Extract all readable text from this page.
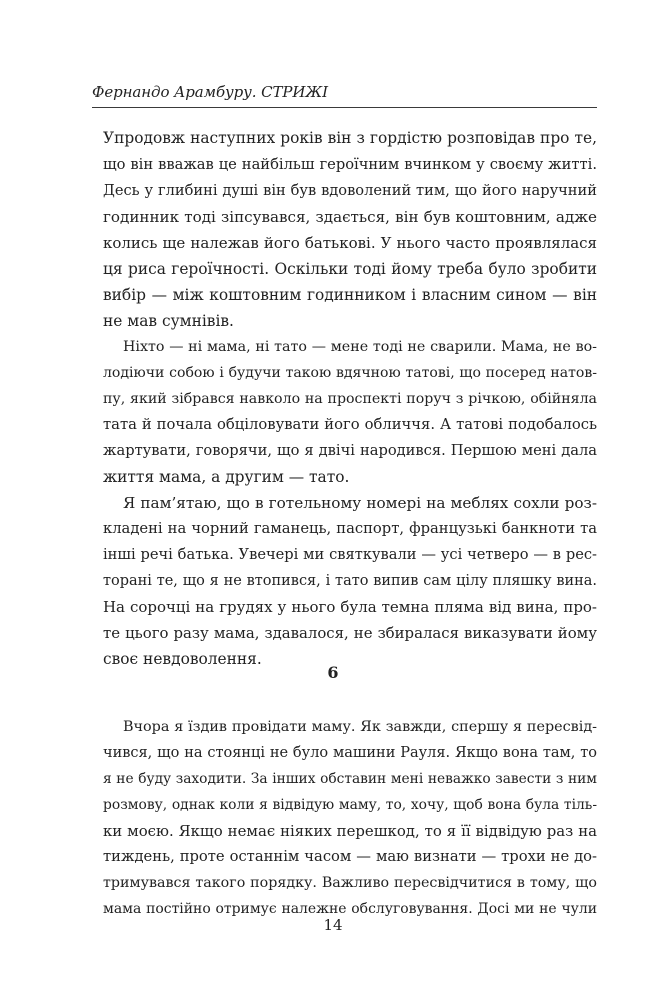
Фернандо Арамбуру. СТРИЖІ
Упродовж наступних років він з гордістю розповідав про те,
що він вважав це найбільш героїчним вчинком у своєму житті.
Десь у глибині душі він був вдоволений тим, що його наручний
годинник тоді зіпсувався, здається, він був коштовним, адже
колись ще належав його батькові. У нього часто проявлялася
ця риса героїчності. Оскільки тоді йому треба було зробити
вибір — між коштовним годинником і власним сином — він
не мав сумнівів.
Ніхто — ні мама, ні тато — мене тоді не сварили. Мама, не во-
лодіючи собою і будучи такою вдячною татові, що посеред натов-
пу, який зібрався навколо на проспекті поруч з річкою, обійняла
тата й почала обціловувати його обличчя. А татові подобалось
жартувати, говорячи, що я двічі народився. Першою мені дала
життя мама, а другим — тато.
Я пам’ятаю, що в готельному номері на меблях сохли роз-
кладені на чорний гаманець, паспорт, французькі банкноти та
інші речі батька. Увечері ми святкували — усі четверо — в рес-
торані те, що я не втопився, і тато випив сам цілу пляшку вина.
На сорочці на грудях у нього була темна пляма від вина, про-
те цього разу мама, здавалося, не збиралася виказувати йому
своє невдоволення.
6
Вчора я їздив провідати маму. Як завжди, спершу я пересвід-
чився, що на стоянці не було машини Рауля. Якщо вона там, то
я не буду заходити. За інших обставин мені неважко завести з ним
розмову, однак коли я відвідую маму, то, хочу, щоб вона була тіль-
ки моєю. Якщо немає ніяких перешкод, то я її відвідую раз на
тиждень, проте останнім часом — маю визнати — трохи не до-
тримувався такого порядку. Важливо пересвідчитися в тому, що
мама постійно отримує належне обслуговування. Досі ми не чули
14
